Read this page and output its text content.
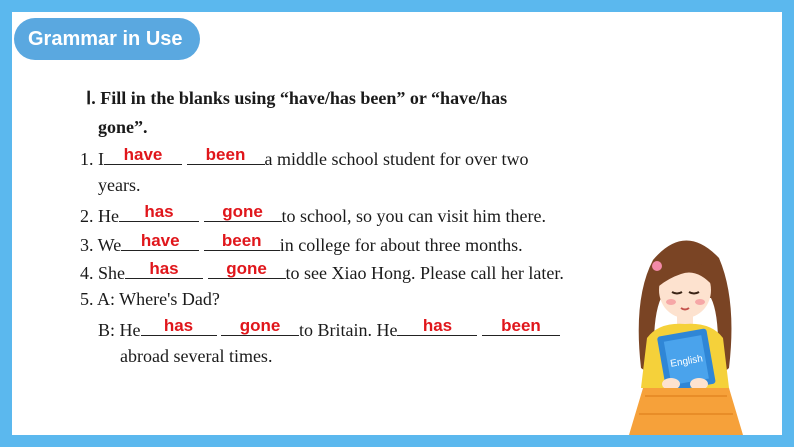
Grammar in Use
Ⅰ. Fill in the blanks using “have/has been” or “have/has
gone”.
1. I	have
	been	a middle school student for over two
years.
2. He	has
	gone	to school, so you can visit him there.
3. We	have
	been	in college for about three months.
4. She	has
	gone	to see Xiao Hong. Please call her later.
5. A: Where's Dad?
B: He	has
	gone	to Britain. He	has
	been
abroad several times.	English
